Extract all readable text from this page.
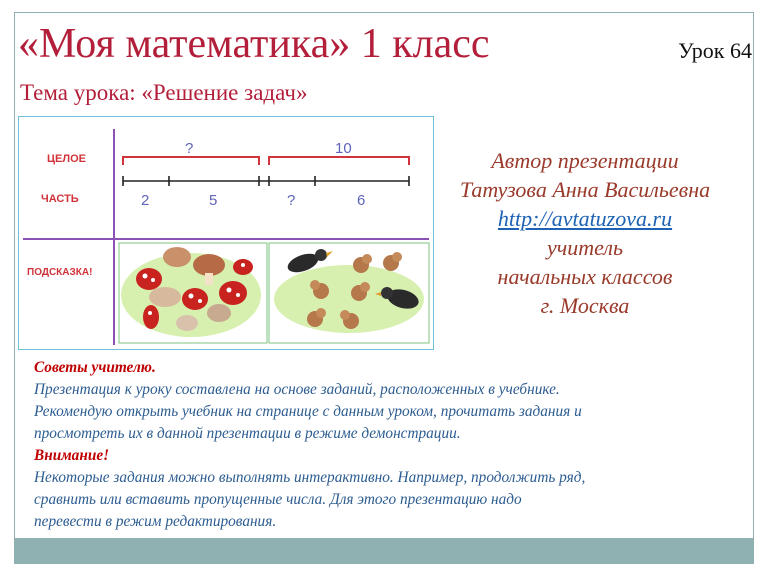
«Моя математика» 1 класс	Урок 64
Тема урока: «Решение задач»
ЦЕЛОЕ
ЧАСТЬ
ПОДСКАЗКА!
?	10
2	5	?	6
Автор презентации
Татузова Анна Васильевна
http://avtatuzova.ru
учитель
начальных классов
г. Москва
Советы учителю.
Презентация к уроку составлена на основе заданий, расположенных в учебнике.
Рекомендую открыть учебник на странице с данным уроком, прочитать задания и
просмотреть их в данной презентации в режиме демонстрации.
Внимание!
Некоторые задания можно выполнять интерактивно. Например, продолжить ряд,
сравнить или вставить пропущенные числа. Для этого презентацию надо
перевести в режим редактирования.
